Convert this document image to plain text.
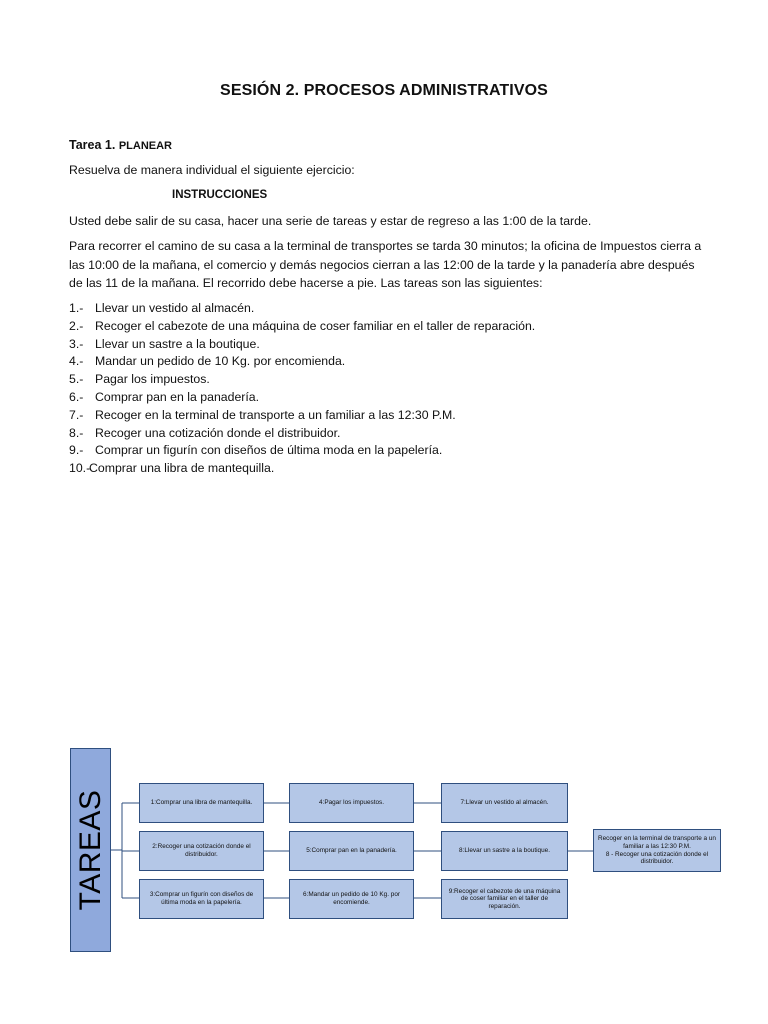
SESIÓN 2. PROCESOS ADMINISTRATIVOS
Tarea 1. PLANEAR
Resuelva de manera individual el siguiente ejercicio:
INSTRUCCIONES
Usted debe salir de su casa, hacer una serie de tareas y estar de regreso a las 1:00 de la tarde.
Para recorrer el camino de su casa a la terminal de transportes se tarda 30 minutos; la oficina de Impuestos cierra a las 10:00 de la mañana, el comercio y demás negocios cierran a las 12:00 de la tarde y la panadería abre después de las 11 de la mañana. El recorrido debe hacerse a pie. Las tareas son las siguientes:
1.- Llevar un vestido al almacén.
2.- Recoger el cabezote de una máquina de coser familiar en el taller de reparación.
3.- Llevar un sastre a la boutique.
4.- Mandar un pedido de 10 Kg. por encomienda.
5.- Pagar los impuestos.
6.- Comprar pan en la panadería.
7.- Recoger en la terminal de transporte a un familiar a las 12:30 P.M.
8.- Recoger una cotización donde el distribuidor.
9.- Comprar un figurín con diseños de última moda en la papelería.
10.-Comprar una libra de mantequilla.
TAREAS	1:Comprar una libra de mantequilla.	4:Pagar los impuestos.	7:Llevar un vestido al almacén.
2:Recoger una cotización donde el distribuidor.
5:Comprar pan en la panadería.	8:Llevar un sastre a la boutique.
3:Comprar un figurín con diseños de última moda en la papelería.
6:Mandar un pedido de 10 Kg. por encomiende.
9:Recoger el cabezote de una máquina de coser familiar en el taller de reparación.
Recoger en la terminal de transporte a un familiar a las 12:30 P.M.
8 - Recoger una cotización donde el distribuidor.
